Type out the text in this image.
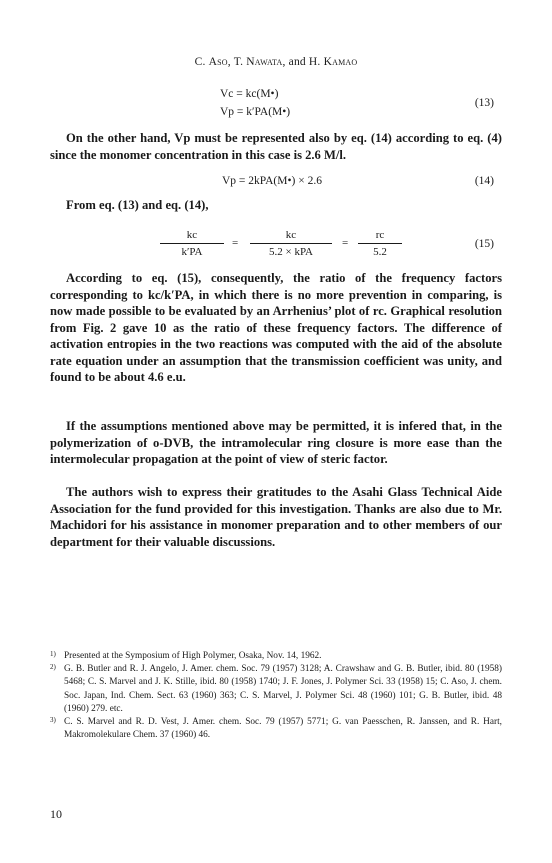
C. Aso, T. Nawata, and H. Kamao
Vc = kc(M•)
Vp = k′PA(M•)
(13)

On the other hand, Vp must be represented also by eq. (14) according to eq. (4) since the monomer concentration in this case is 2.6 M/l.

Vp = 2kPA(M•) × 2.6	(14)

From eq. (13) and eq. (14),

$\frac{kc}{k'PA}$ =
kc
5.2 × kPA
= $\frac{rc}{5.2}$	(15)

According to eq. (15), consequently, the ratio of the frequency factors corresponding to kc/k′PA, in which there is no more prevention in comparing, is now made possible to be evaluated by an Arrhenius’ plot of rc. Graphical resolution from Fig. 2 gave 10 as the ratio of these frequency factors. The difference of activation entropies in the two reactions was computed with the aid of the absolute rate equation under an assumption that the transmission coefficient was unity, and found to be about 4.6 e.u.

If the assumptions mentioned above may be permitted, it is infered that, in the polymerization of o-DVB, the intramolecular ring closure is more ease than the intermolecular propagation at the point of view of steric factor.

The authors wish to express their gratitudes to the Asahi Glass Technical Aide Association for the fund provided for this investigation. Thanks are also due to Mr. Machidori for his assistance in monomer preparation and to other members of our department for their valuable discussions.

1) Presented at the Symposium of High Polymer, Osaka, Nov. 14, 1962.

2) G. B. Butler and R. J. Angelo, J. Amer. chem. Soc. 79 (1957) 3128; A. Crawshaw and G. B. Butler, ibid. 80 (1958) 5468; C. S. Marvel and J. K. Stille, ibid. 80 (1958) 1740; J. F. Jones, J. Polymer Sci. 33 (1958) 15; C. Aso, J. chem. Soc. Japan, Ind. Chem. Sect. 63 (1960) 363; C. S. Marvel, J. Polymer Sci. 48 (1960) 101; G. B. Butler, ibid. 48 (1960) 279. etc.

3) C. S. Marvel and R. D. Vest, J. Amer. chem. Soc. 79 (1957) 5771; G. van Paesschen, R. Janssen, and R. Hart, Makromolekulare Chem. 37 (1960) 46.

10
